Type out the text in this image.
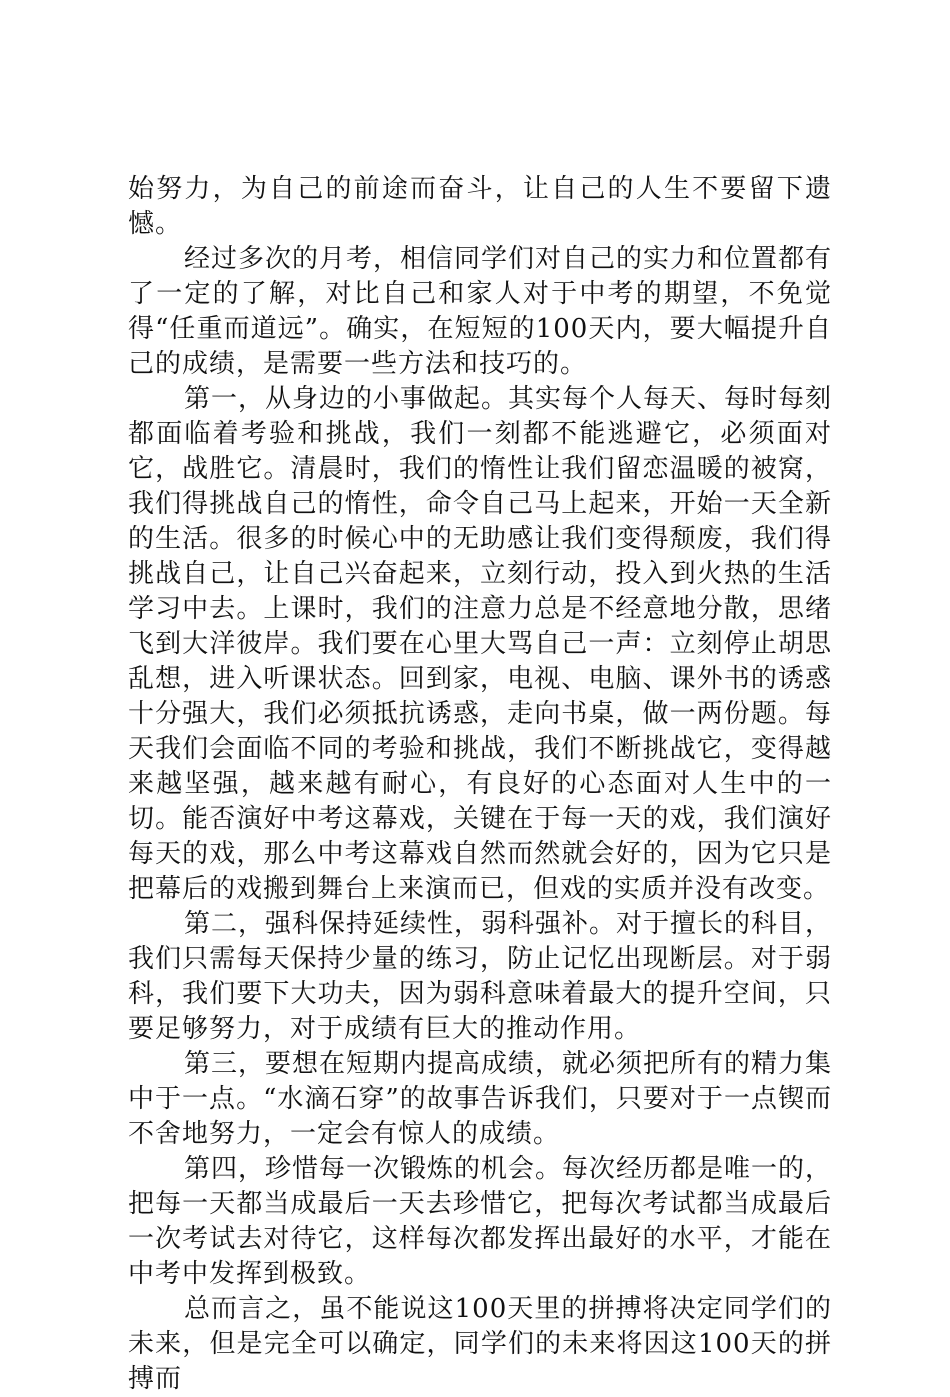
始努力，为自己的前途而奋斗，让自己的人生不要留下遗憾。

经过多次的月考，相信同学们对自己的实力和位置都有了一定的了解，对比自己和家人对于中考的期望，不免觉得“任重而道远”。确实，在短短的100天内，要大幅提升自己的成绩，是需要一些方法和技巧的。

第一，从身边的小事做起。其实每个人每天、每时每刻都面临着考验和挑战，我们一刻都不能逃避它，必须面对它，战胜它。清晨时，我们的惰性让我们留恋温暖的被窝，我们得挑战自己的惰性，命令自己马上起来，开始一天全新的生活。很多的时候心中的无助感让我们变得颓废，我们得挑战自己，让自己兴奋起来，立刻行动，投入到火热的生活学习中去。上课时，我们的注意力总是不经意地分散，思绪飞到大洋彼岸。我们要在心里大骂自己一声：立刻停止胡思乱想，进入听课状态。回到家，电视、电脑、课外书的诱惑十分强大，我们必须抵抗诱惑，走向书桌，做一两份题。每天我们会面临不同的考验和挑战，我们不断挑战它，变得越来越坚强，越来越有耐心，有良好的心态面对人生中的一切。能否演好中考这幕戏，关键在于每一天的戏，我们演好每天的戏，那么中考这幕戏自然而然就会好的，因为它只是把幕后的戏搬到舞台上来演而已，但戏的实质并没有改变。

第二，强科保持延续性，弱科强补。对于擅长的科目，我们只需每天保持少量的练习，防止记忆出现断层。对于弱科，我们要下大功夫，因为弱科意味着最大的提升空间，只要足够努力，对于成绩有巨大的推动作用。

第三，要想在短期内提高成绩，就必须把所有的精力集中于一点。“水滴石穿”的故事告诉我们，只要对于一点锲而不舍地努力，一定会有惊人的成绩。

第四，珍惜每一次锻炼的机会。每次经历都是唯一的，把每一天都当成最后一天去珍惜它，把每次考试都当成最后一次考试去对待它，这样每次都发挥出最好的水平，才能在中考中发挥到极致。

总而言之，虽不能说这100天里的拼搏将决定同学们的未来，但是完全可以确定，同学们的未来将因这100天的拼搏而
